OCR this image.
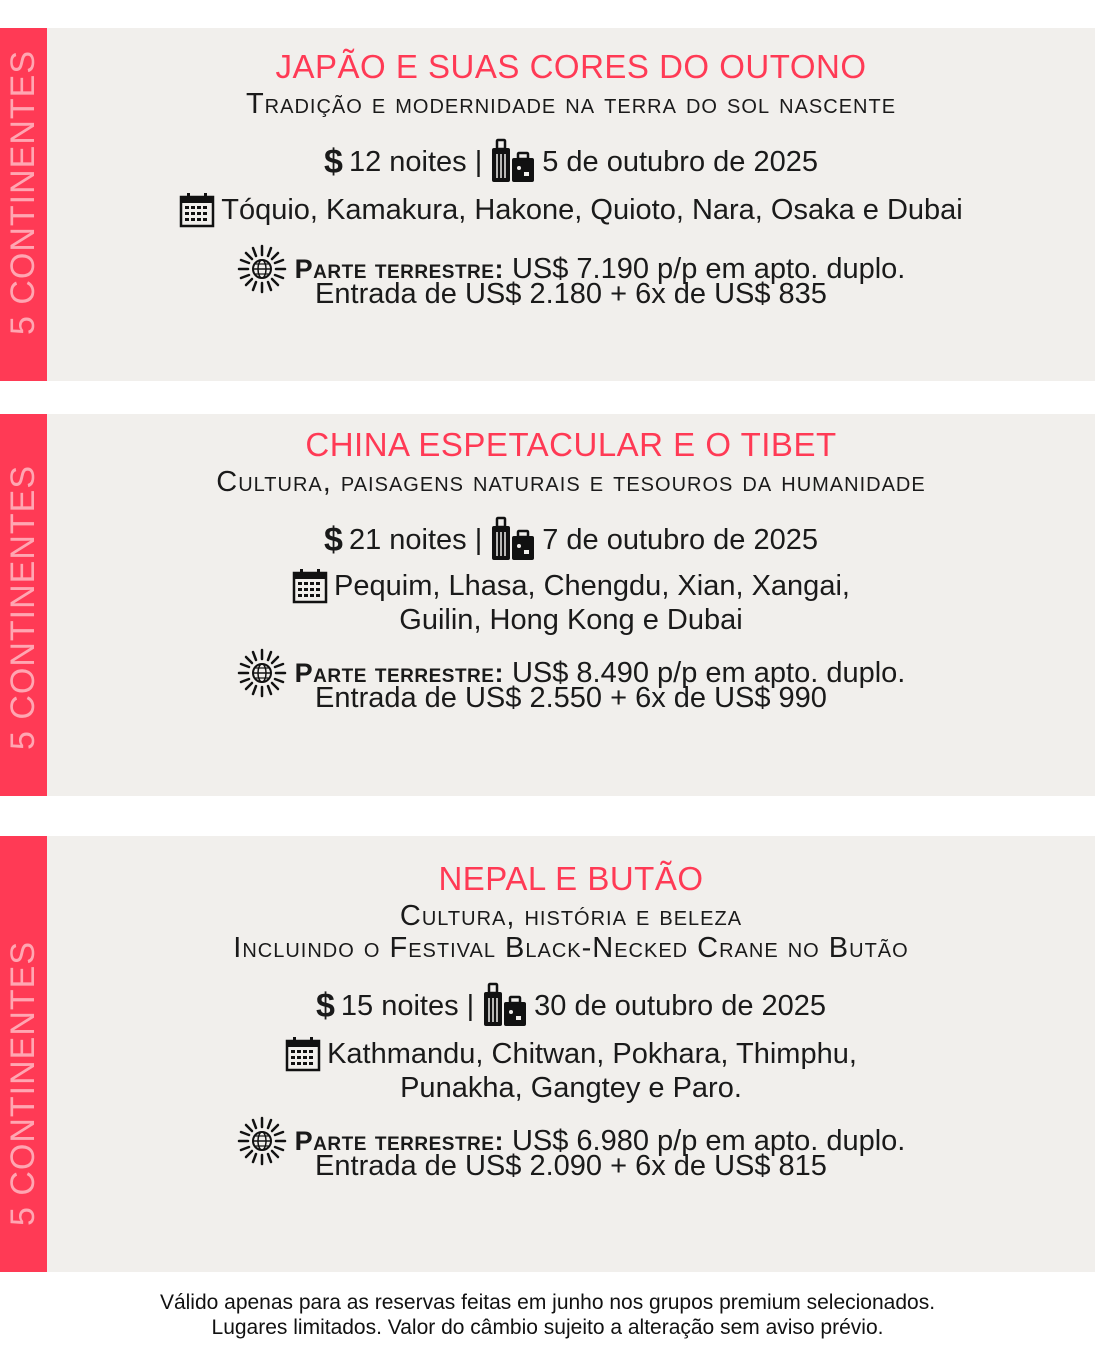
5 CONTINENTES	JAPÃO E SUAS CORES DO OUTONO
Tradição e modernidade na terra do sol nascente
$ 12 noites | 5 de outubro de 2025
Tóquio, Kamakura, Hakone, Quioto, Nara, Osaka e Dubai
Parte terrestre: US$ 7.190 p/p em apto. duplo.
Entrada de US$ 2.180 + 6x de US$ 835
5 CONTINENTES
CHINA ESPETACULAR E O TIBET
Cultura, paisagens naturais e tesouros da humanidade
$ 21 noites | 7 de outubro de 2025
Pequim, Lhasa, Chengdu, Xian, Xangai,
Guilin, Hong Kong e Dubai
Parte terrestre: US$ 8.490 p/p em apto. duplo.
Entrada de US$ 2.550 + 6x de US$ 990
5 CONTINENTES
NEPAL E BUTÃO
Cultura, história e beleza
Incluindo o Festival Black-Necked Crane no Butão
$ 15 noites | 30 de outubro de 2025
Kathmandu, Chitwan, Pokhara, Thimphu,
Punakha, Gangtey e Paro.
Parte terrestre: US$ 6.980 p/p em apto. duplo.
Entrada de US$ 2.090 + 6x de US$ 815
Válido apenas para as reservas feitas em junho nos grupos premium selecionados.
Lugares limitados. Valor do câmbio sujeito a alteração sem aviso prévio.
